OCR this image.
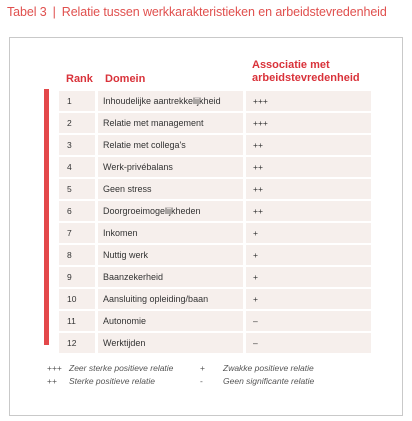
Tabel 3 | Relatie tussen werkkarakteristieken en arbeidstevredenheid
Rank Domein
Associatie met
arbeidstevredenheid
1	Inhoudelijke aantrekkelijkheid	+++
2	Relatie met management	+++
3	Relatie met collega's	++
4	Werk-privébalans	++
5	Geen stress	++
6	Doorgroeimogelijkheden	++
7	Inkomen	+
8	Nuttig werk	+
9	Baanzekerheid	+
10	Aansluiting opleiding/baan	+
11	Autonomie	–
12	Werktijden	–
+++ Zeer sterke positieve relatie
++ Sterke positieve relatie
+ Zwakke positieve relatie
- Geen significante relatie
